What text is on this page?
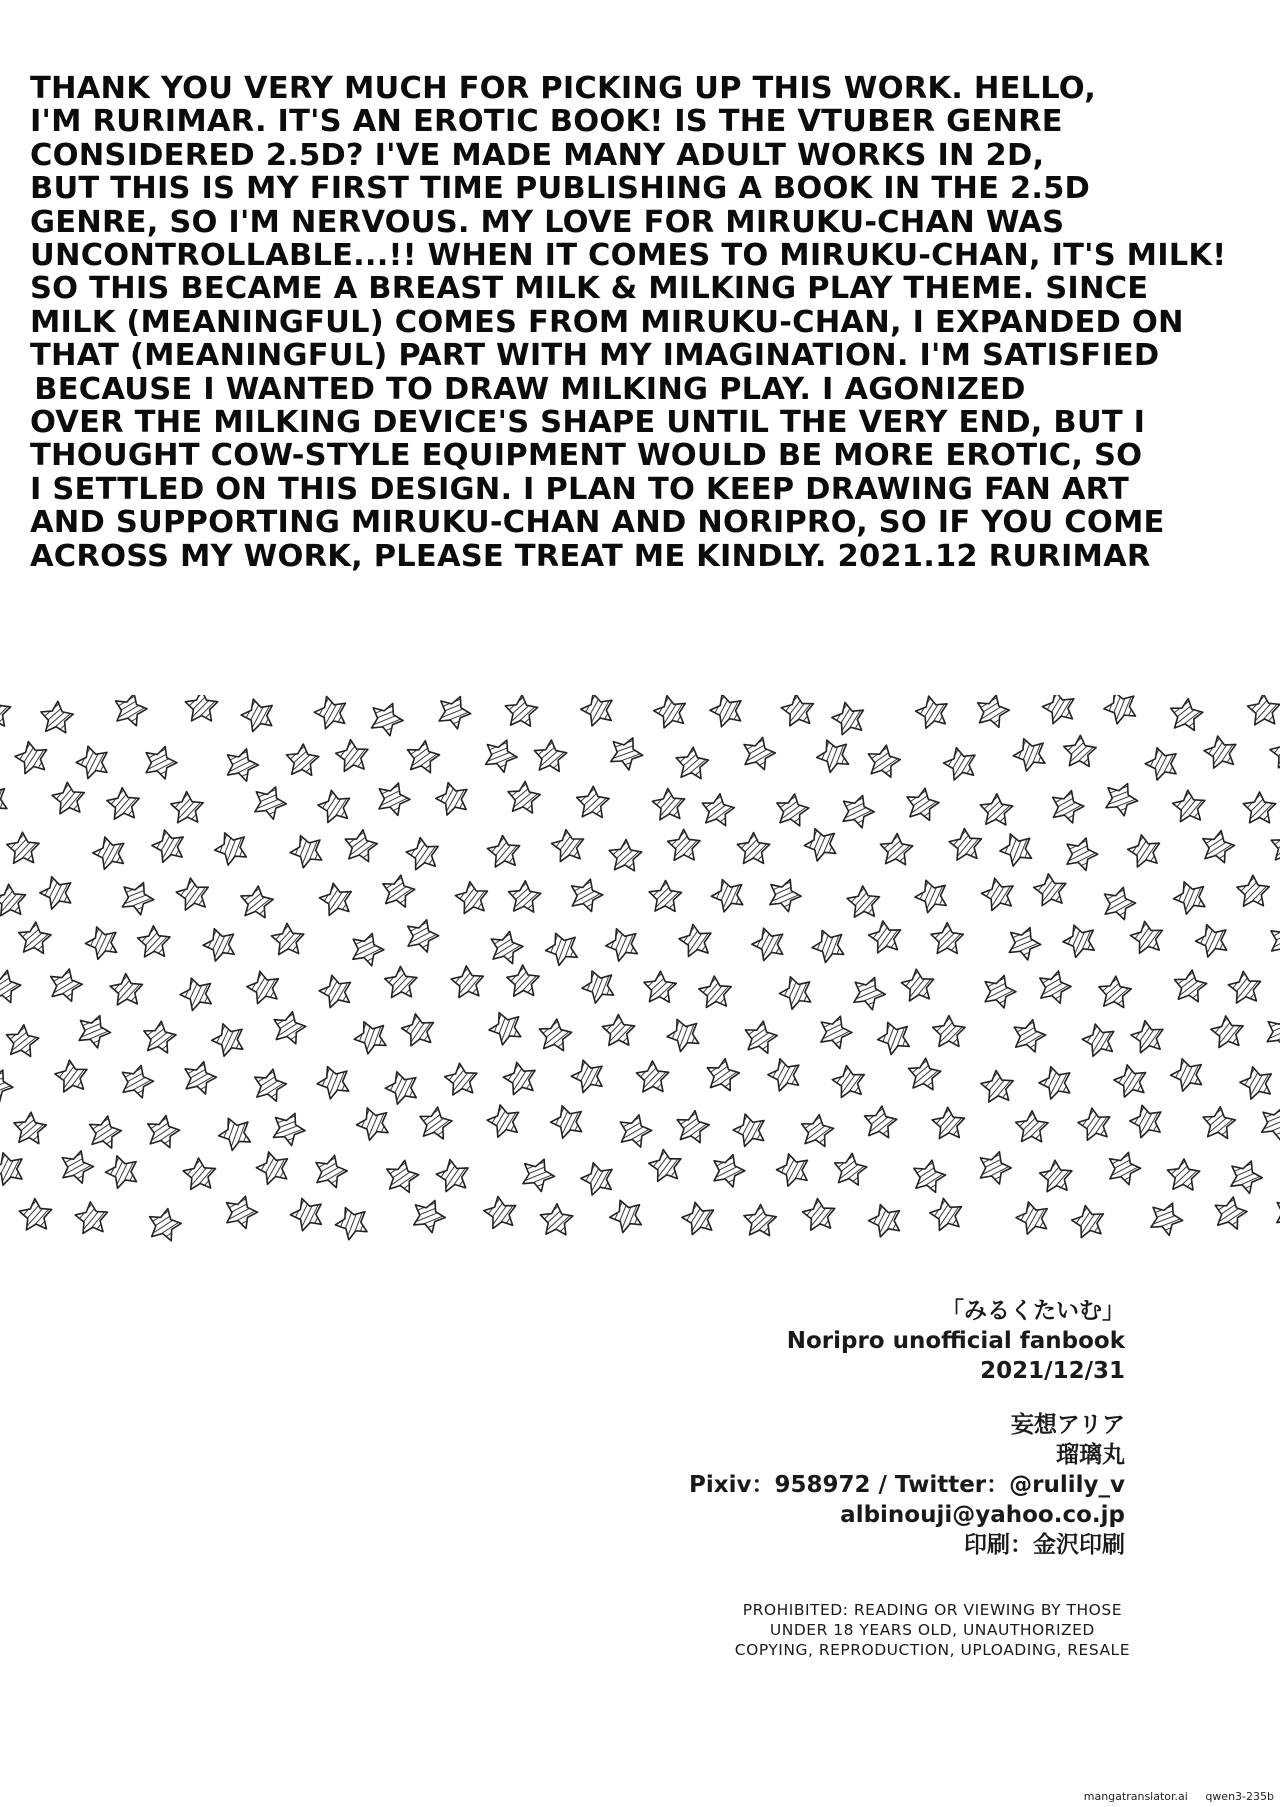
THANK YOU VERY MUCH FOR PICKING UP THIS WORK. HELLO,
I'M RURIMAR. IT'S AN EROTIC BOOK! IS THE VTUBER GENRE
CONSIDERED 2.5D? I'VE MADE MANY ADULT WORKS IN 2D,
BUT THIS IS MY FIRST TIME PUBLISHING A BOOK IN THE 2.5D
GENRE, SO I'M NERVOUS. MY LOVE FOR MIRUKU-CHAN WAS
UNCONTROLLABLE...!! WHEN IT COMES TO MIRUKU-CHAN, IT'S MILK!
SO THIS BECAME A BREAST MILK & MILKING PLAY THEME. SINCE
MILK (MEANINGFUL) COMES FROM MIRUKU-CHAN, I EXPANDED ON
THAT (MEANINGFUL) PART WITH MY IMAGINATION. I'M SATISFIED
BECAUSE I WANTED TO DRAW MILKING PLAY. I AGONIZED
OVER THE MILKING DEVICE'S SHAPE UNTIL THE VERY END, BUT I
THOUGHT COW-STYLE EQUIPMENT WOULD BE MORE EROTIC, SO
I SETTLED ON THIS DESIGN. I PLAN TO KEEP DRAWING FAN ART
AND SUPPORTING MIRUKU-CHAN AND NORIPRO, SO IF YOU COME
ACROSS MY WORK, PLEASE TREAT ME KINDLY. 2021.12 RURIMAR
「みるくたいむ」
Noripro unofficial fanbook
2021/12/31
妄想アリア
瑠璃丸
Pixiv：958972 / Twitter：@rulily_v
albinouji@yahoo.co.jp
印刷：金沢印刷
PROHIBITED: READING OR VIEWING BY THOSE
UNDER 18 YEARS OLD, UNAUTHORIZED
COPYING, REPRODUCTION, UPLOADING, RESALE
mangatranslator.ai qwen3-235b
